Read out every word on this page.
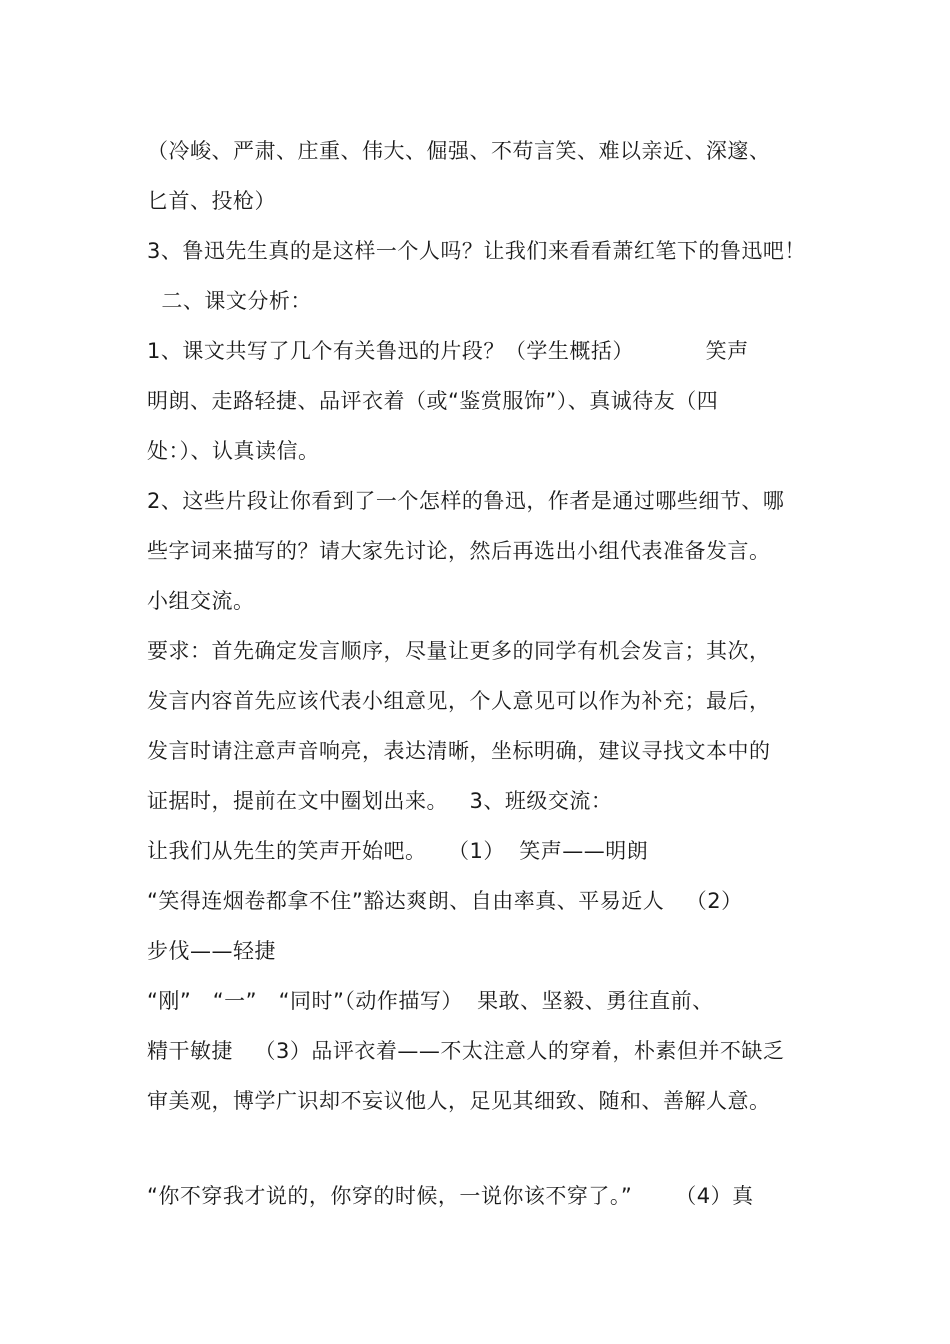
（冷峻、严肃、庄重、伟大、倔强、不苟言笑、难以亲近、深邃、
匕首、投枪）
3、鲁迅先生真的是这样一个人吗？让我们来看看萧红笔下的鲁迅吧！
二、课文分析：
1、课文共写了几个有关鲁迅的片段？（学生概括）          笑声
明朗、走路轻捷、品评衣着（或“鉴赏服饰”）、真诚待友（四
处：）、认真读信。
2、这些片段让你看到了一个怎样的鲁迅，作者是通过哪些细节、哪
些字词来描写的？请大家先讨论，然后再选出小组代表准备发言。
小组交流。
要求：首先确定发言顺序，尽量让更多的同学有机会发言；其次，
发言内容首先应该代表小组意见，个人意见可以作为补充；最后，
发言时请注意声音响亮，表达清晰，坐标明确，建议寻找文本中的
证据时，提前在文中圈划出来。   3、班级交流：
让我们从先生的笑声开始吧。   （1）  笑声——明朗
“笑得连烟卷都拿不住”豁达爽朗、自由率真、平易近人   （2）
步伐——轻捷
“刚”   “一”   “同时”（动作描写）  果敢、坚毅、勇往直前、
精干敏捷   （3）品评衣着——不太注意人的穿着，朴素但并不缺乏
审美观，博学广识却不妄议他人，足见其细致、随和、善解人意。
“你不穿我才说的，你穿的时候，一说你该不穿了。”      （4）真
